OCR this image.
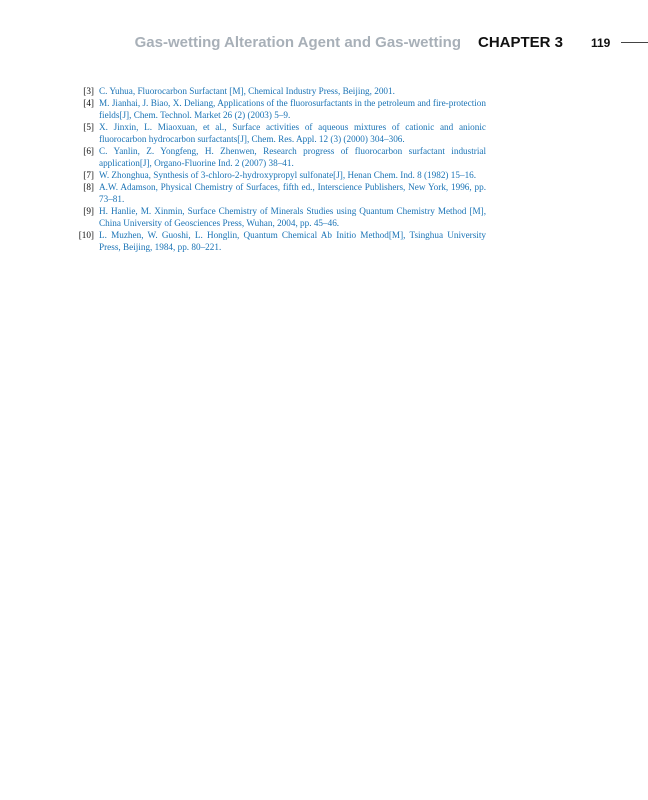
Gas-wetting Alteration Agent and Gas-wetting CHAPTER 3 119
[3] C. Yuhua, Fluorocarbon Surfactant [M], Chemical Industry Press, Beijing, 2001.
[4] M. Jianhai, J. Biao, X. Deliang, Applications of the fluorosurfactants in the petroleum and fire-protection fields[J], Chem. Technol. Market 26 (2) (2003) 5–9.
[5] X. Jinxin, L. Miaoxuan, et al., Surface activities of aqueous mixtures of cationic and anionic fluorocarbon hydrocarbon surfactants[J], Chem. Res. Appl. 12 (3) (2000) 304–306.
[6] C. Yanlin, Z. Yongfeng, H. Zhenwen, Research progress of fluorocarbon surfactant industrial application[J], Organo-Fluorine Ind. 2 (2007) 38–41.
[7] W. Zhonghua, Synthesis of 3-chloro-2-hydroxypropyl sulfonate[J], Henan Chem. Ind. 8 (1982) 15–16.
[8] A.W. Adamson, Physical Chemistry of Surfaces, fifth ed., Interscience Publishers, New York, 1996, pp. 73–81.
[9] H. Hanlie, M. Xinmin, Surface Chemistry of Minerals Studies using Quantum Chemistry Method [M], China University of Geosciences Press, Wuhan, 2004, pp. 45–46.
[10] L. Muzhen, W. Guoshi, L. Honglin, Quantum Chemical Ab Initio Method[M], Tsinghua University Press, Beijing, 1984, pp. 80–221.
